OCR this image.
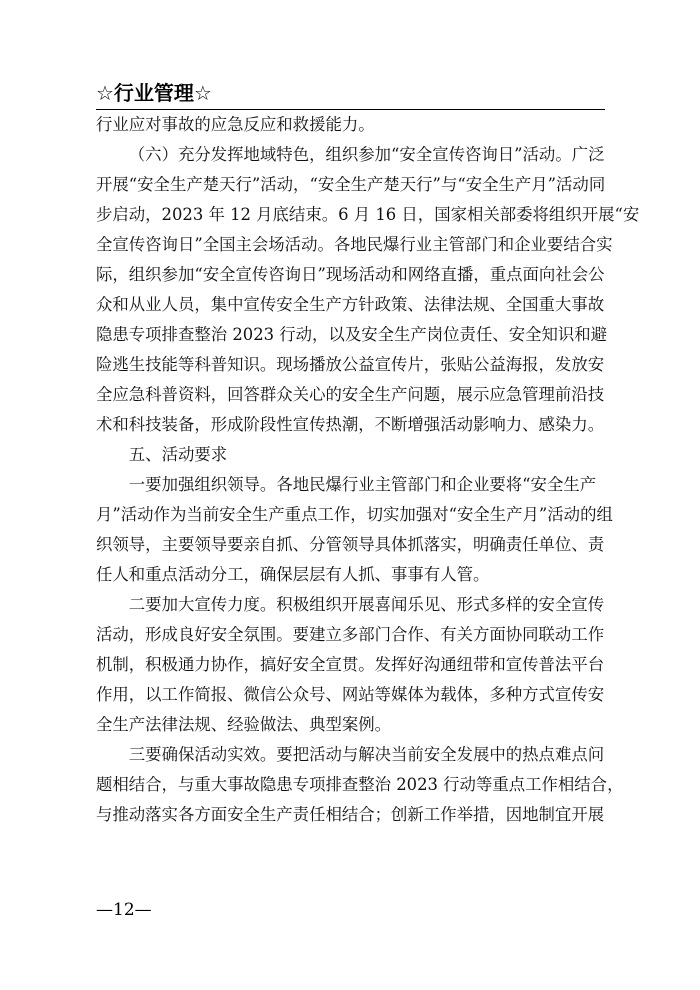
☆行业管理☆

行业应对事故的应急反应和救援能力。

（六）充分发挥地域特色，组织参加“安全宣传咨询日”活动。广泛
开展“安全生产楚天行”活动，“安全生产楚天行”与“安全生产月”活动同
步启动，2023 年 12 月底结束。6 月 16 日，国家相关部委将组织开展“安
全宣传咨询日”全国主会场活动。各地民爆行业主管部门和企业要结合实
际，组织参加“安全宣传咨询日”现场活动和网络直播，重点面向社会公
众和从业人员，集中宣传安全生产方针政策、法律法规、全国重大事故
隐患专项排查整治 2023 行动，以及安全生产岗位责任、安全知识和避
险逃生技能等科普知识。现场播放公益宣传片，张贴公益海报，发放安
全应急科普资料，回答群众关心的安全生产问题，展示应急管理前沿技
术和科技装备，形成阶段性宣传热潮，不断增强活动影响力、感染力。

五、活动要求

一要加强组织领导。各地民爆行业主管部门和企业要将“安全生产
月”活动作为当前安全生产重点工作，切实加强对“安全生产月”活动的组
织领导，主要领导要亲自抓、分管领导具体抓落实，明确责任单位、责
任人和重点活动分工，确保层层有人抓、事事有人管。

二要加大宣传力度。积极组织开展喜闻乐见、形式多样的安全宣传
活动，形成良好安全氛围。要建立多部门合作、有关方面协同联动工作
机制，积极通力协作，搞好安全宣贯。发挥好沟通纽带和宣传普法平台
作用，以工作简报、微信公众号、网站等媒体为载体，多种方式宣传安
全生产法律法规、经验做法、典型案例。

三要确保活动实效。要把活动与解决当前安全发展中的热点难点问
题相结合，与重大事故隐患专项排查整治 2023 行动等重点工作相结合，
与推动落实各方面安全生产责任相结合；创新工作举措，因地制宜开展

—12—
